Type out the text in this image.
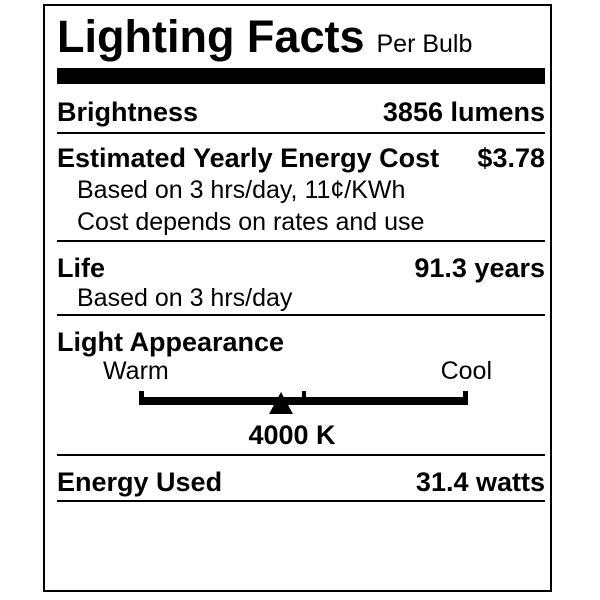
Lighting Facts Per Bulb
Brightness	3856 lumens
Estimated Yearly Energy Cost $3.78
Based on 3 hrs/day, 11¢/KWh
Cost depends on rates and use
Life	91.3 years
Based on 3 hrs/day
Light Appearance
Warm	Cool
4000 K
Energy Used	31.4 watts
